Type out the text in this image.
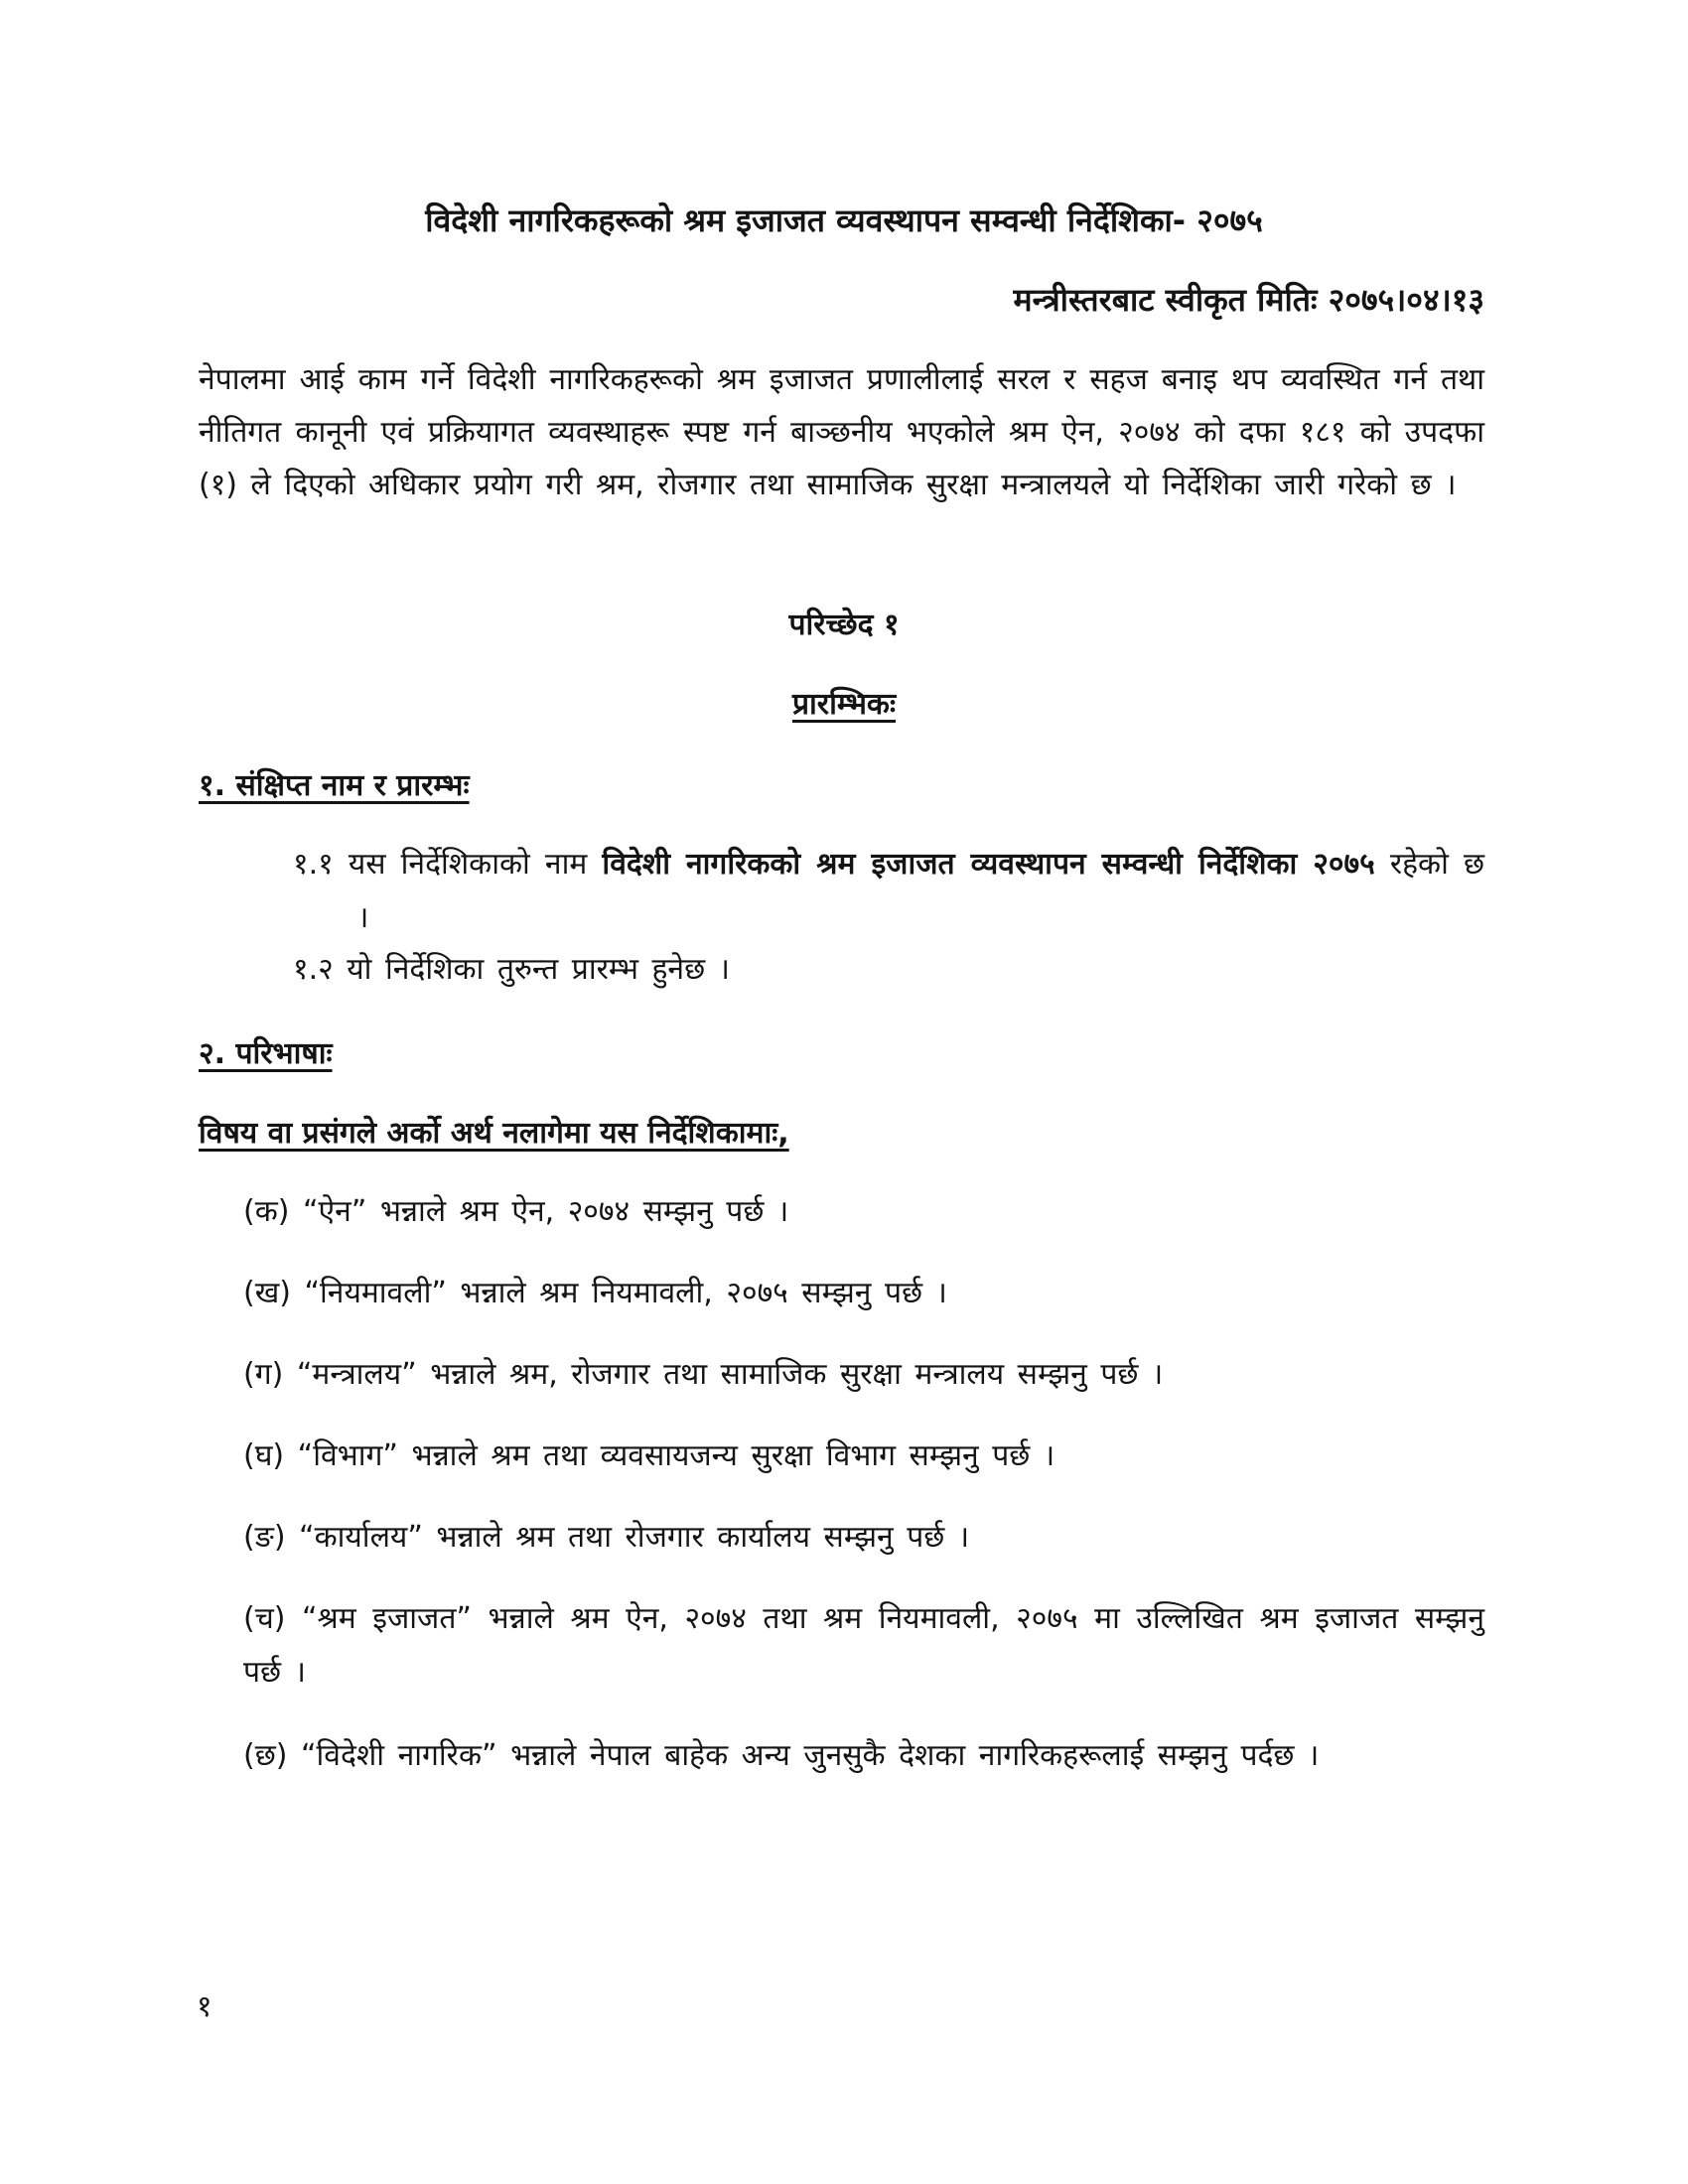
विदेशी नागरिकहरूको श्रम इजाजत व्यवस्थापन सम्वन्धी निर्देशिका- २०७५
मन्त्रीस्तरबाट स्वीकृत मितिः २०७५।०४।१३
नेपालमा आई काम गर्ने विदेशी नागरिकहरूको श्रम इजाजत प्रणालीलाई सरल र सहज बनाइ थप व्यवस्थित गर्न तथा नीतिगत कानूनी एवं प्रक्रियागत व्यवस्थाहरू स्पष्ट गर्न बाञ्छनीय भएकोले श्रम ऐन, २०७४ को दफा १८१ को उपदफा (१) ले दिएको अधिकार प्रयोग गरी श्रम, रोजगार तथा सामाजिक सुरक्षा मन्त्रालयले यो निर्देशिका जारी गरेको छ ।
परिच्छेद १
प्रारम्भिकः
१. संक्षिप्त नाम र प्रारम्भः
१.१ यस निर्देशिकाको नाम विदेशी नागरिकको श्रम इजाजत व्यवस्थापन सम्वन्धी निर्देशिका २०७५ रहेको छ ।
१.२ यो निर्देशिका तुरुन्त प्रारम्भ हुनेछ ।
२. परिभाषाः
विषय वा प्रसंगले अर्को अर्थ नलागेमा यस निर्देशिकामाः,
(क) “ऐन” भन्नाले श्रम ऐन, २०७४ सम्झनु पर्छ ।
(ख) “नियमावली” भन्नाले श्रम नियमावली, २०७५ सम्झनु पर्छ ।
(ग) “मन्त्रालय” भन्नाले श्रम, रोजगार तथा सामाजिक सुरक्षा मन्त्रालय सम्झनु पर्छ ।
(घ) “विभाग” भन्नाले श्रम तथा व्यवसायजन्य सुरक्षा विभाग सम्झनु पर्छ ।
(ङ) “कार्यालय” भन्नाले श्रम तथा रोजगार कार्यालय सम्झनु पर्छ ।
(च) “श्रम इजाजत” भन्नाले श्रम ऐन, २०७४ तथा श्रम नियमावली, २०७५ मा उल्लिखित श्रम इजाजत सम्झनु पर्छ ।
(छ) “विदेशी नागरिक” भन्नाले नेपाल बाहेक अन्य जुनसुकै देशका नागरिकहरूलाई सम्झनु पर्दछ ।
१
